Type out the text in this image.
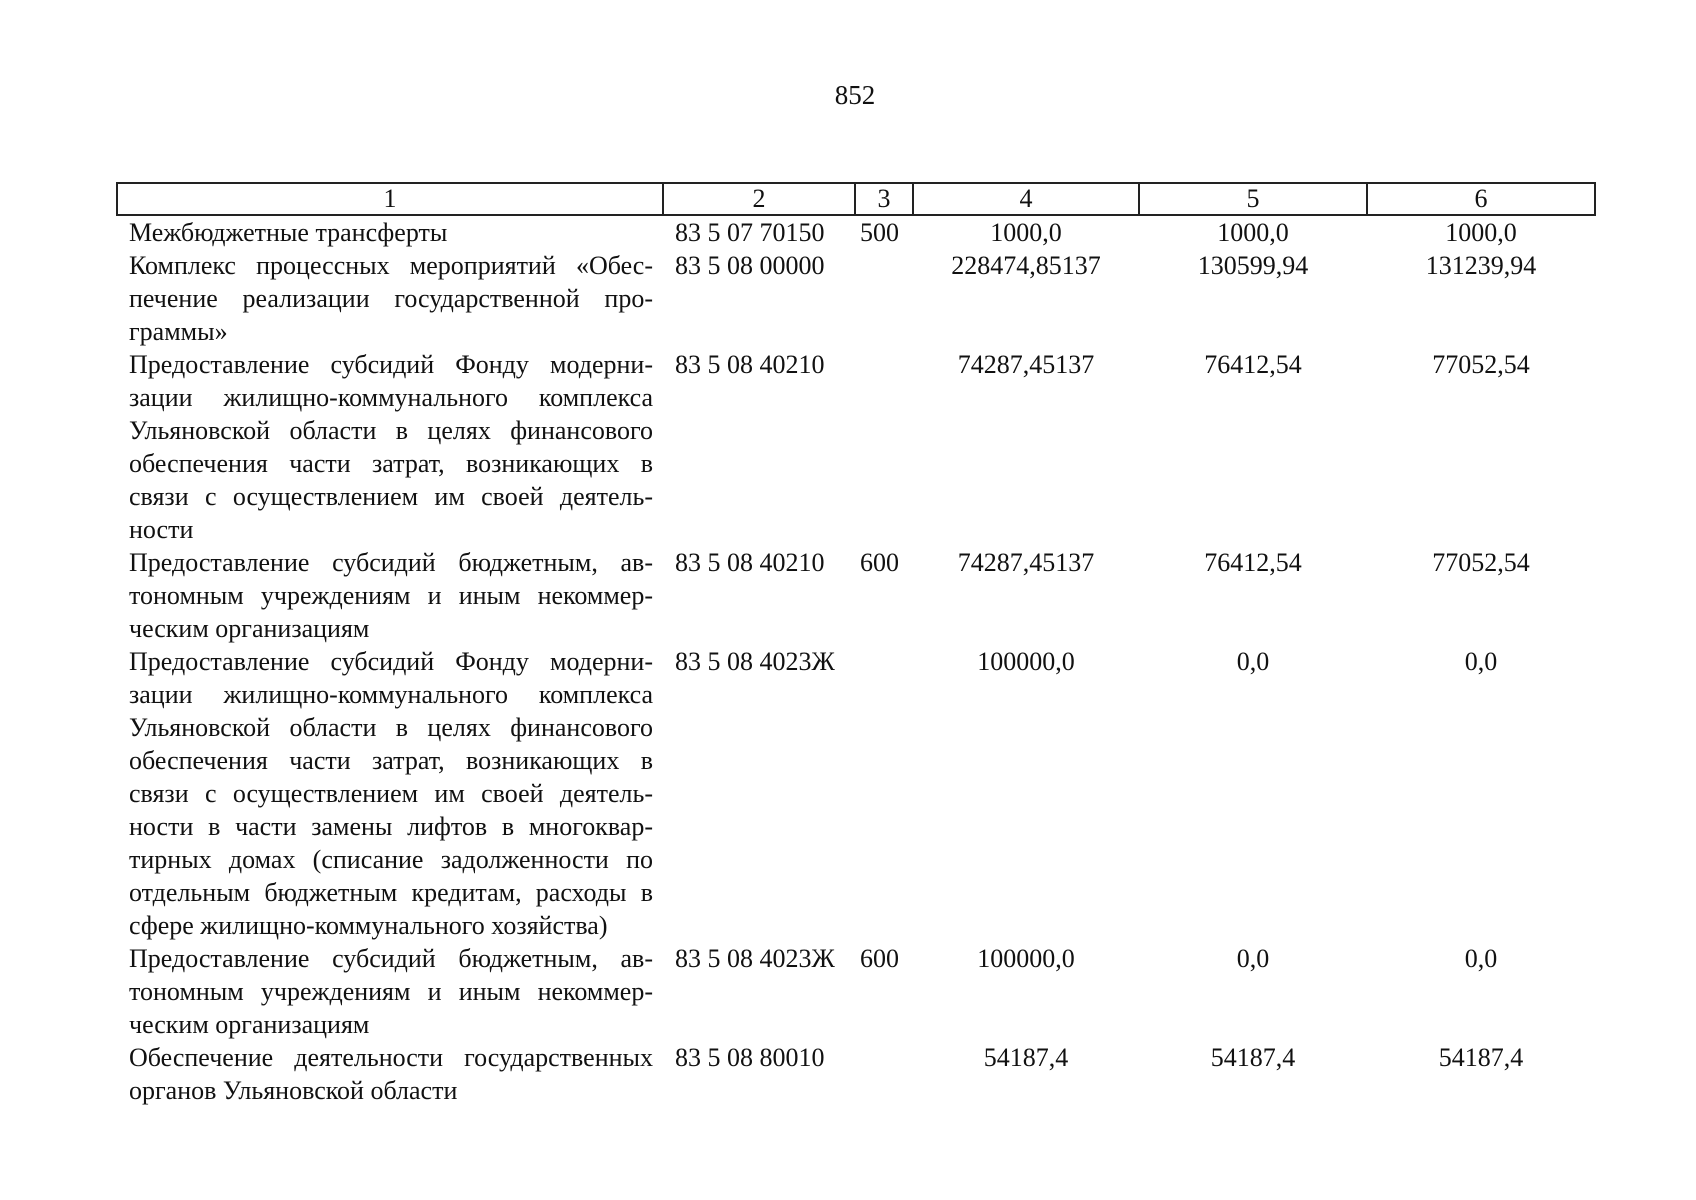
852
1	2	3	4	5	6
Межбюджетные трансферты	83 5 07 70150	500	1000,0	1000,0	1000,0
Комплекс процессных мероприятий «Обеспечение реализации государственной программы»	83 5 08 00000		228474,85137	130599,94	131239,94
Предоставление субсидий Фонду модернизации жилищно-коммунального комплекса Ульяновской области в целях финансового обеспечения части затрат, возникающих в связи с осуществлением им своей деятельности	83 5 08 40210		74287,45137	76412,54	77052,54
Предоставление субсидий бюджетным, автономным учреждениям и иным некоммерческим организациям	83 5 08 40210	600	74287,45137	76412,54	77052,54
Предоставление субсидий Фонду модернизации жилищно-коммунального комплекса Ульяновской области в целях финансового обеспечения части затрат, возникающих в связи с осуществлением им своей деятельности в части замены лифтов в многоквартирных домах (списание задолженности по отдельным бюджетным кредитам, расходы в сфере жилищно-коммунального хозяйства)	83 5 08 4023Ж		100000,0	0,0	0,0
Предоставление субсидий бюджетным, автономным учреждениям и иным некоммерческим организациям	83 5 08 4023Ж	600	100000,0	0,0	0,0
Обеспечение деятельности государственных органов Ульяновской области	83 5 08 80010		54187,4	54187,4	54187,4
